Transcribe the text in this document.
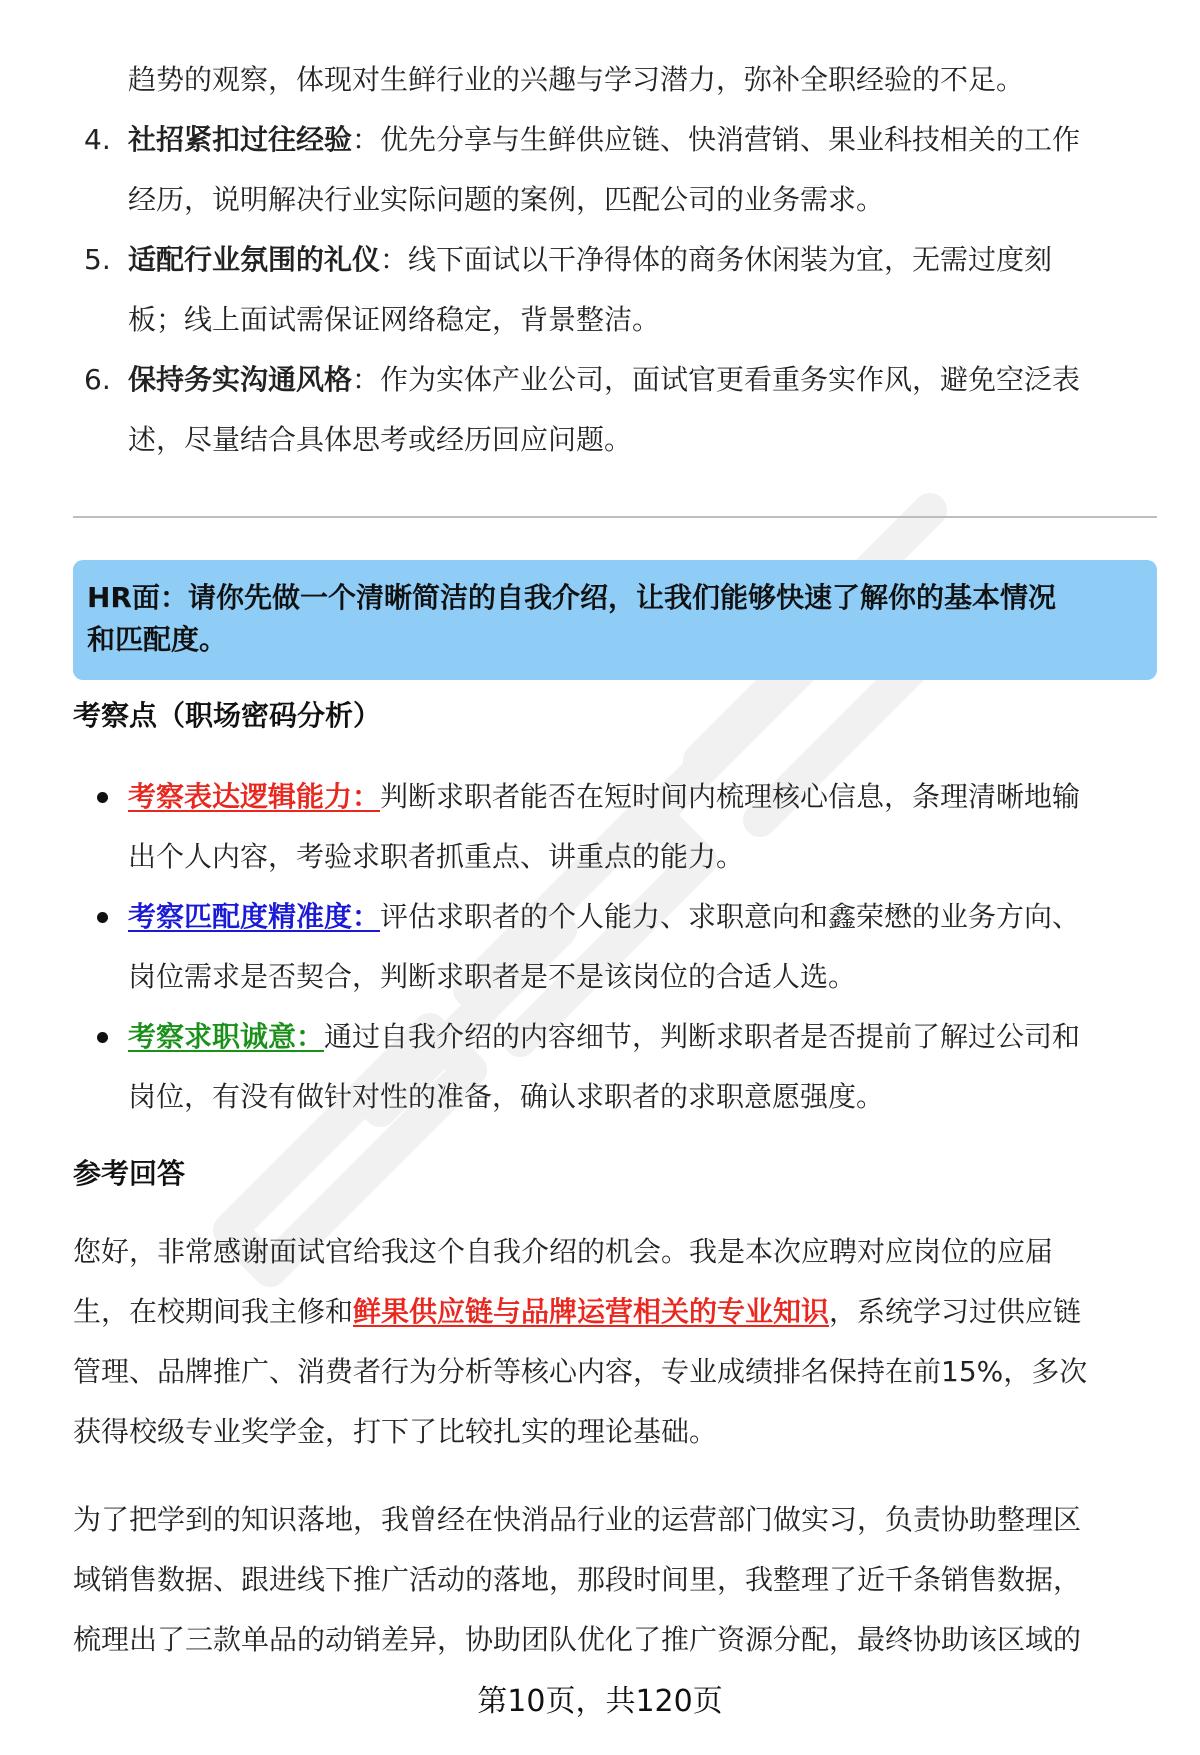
趋势的观察，体现对生鲜行业的兴趣与学习潜力，弥补全职经验的不足。
4. 社招紧扣过往经验：优先分享与生鲜供应链、快消营销、果业科技相关的工作
经历，说明解决行业实际问题的案例，匹配公司的业务需求。
5. 适配行业氛围的礼仪：线下面试以干净得体的商务休闲装为宜，无需过度刻
板；线上面试需保证网络稳定，背景整洁。
6. 保持务实沟通风格：作为实体产业公司，面试官更看重务实作风，避免空泛表
述，尽量结合具体思考或经历回应问题。
HR面：请你先做一个清晰简洁的自我介绍，让我们能够快速了解你的基本情况
和匹配度。
考察点（职场密码分析）
考察表达逻辑能力：判断求职者能否在短时间内梳理核心信息，条理清晰地输
出个人内容，考验求职者抓重点、讲重点的能力。
考察匹配度精准度：评估求职者的个人能力、求职意向和鑫荣懋的业务方向、
岗位需求是否契合，判断求职者是不是该岗位的合适人选。
考察求职诚意：通过自我介绍的内容细节，判断求职者是否提前了解过公司和
岗位，有没有做针对性的准备，确认求职者的求职意愿强度。
参考回答
您好，非常感谢面试官给我这个自我介绍的机会。我是本次应聘对应岗位的应届
生，在校期间我主修和鲜果供应链与品牌运营相关的专业知识，系统学习过供应链
管理、品牌推广、消费者行为分析等核心内容，专业成绩排名保持在前15%，多次
获得校级专业奖学金，打下了比较扎实的理论基础。
为了把学到的知识落地，我曾经在快消品行业的运营部门做实习，负责协助整理区
域销售数据、跟进线下推广活动的落地，那段时间里，我整理了近千条销售数据，
梳理出了三款单品的动销差异，协助团队优化了推广资源分配，最终协助该区域的
第10页，共120页
